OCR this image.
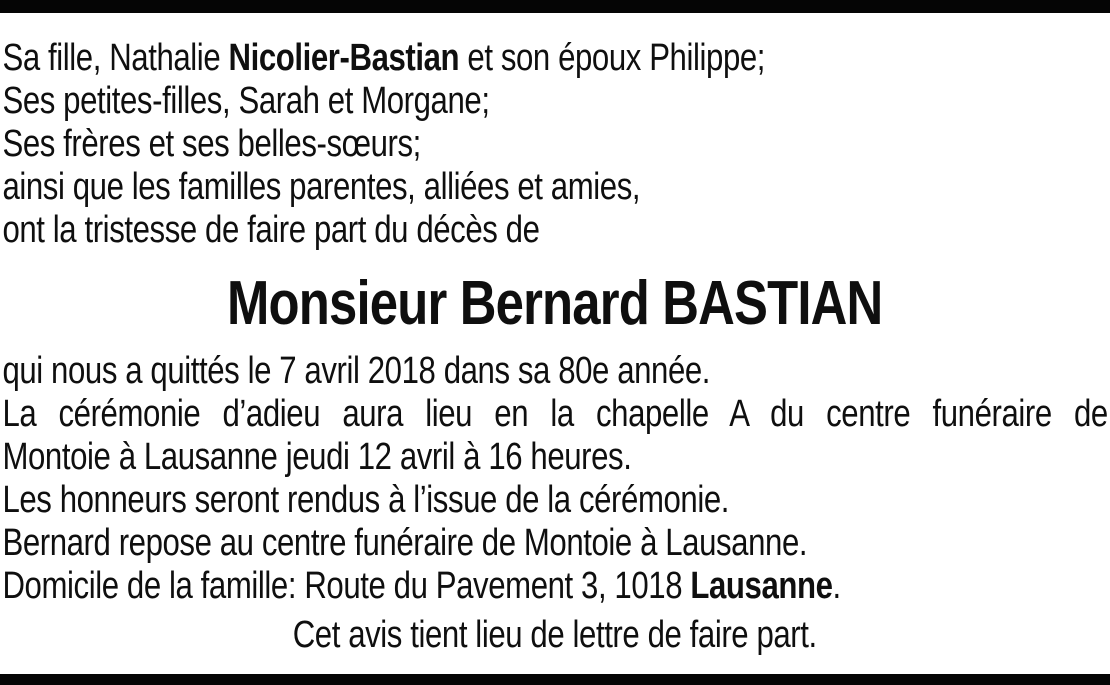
Sa fille, Nathalie Nicolier-Bastian et son époux Philippe;

Ses petites-filles, Sarah et Morgane;

Ses frères et ses belles-sœurs;

ainsi que les familles parentes, alliées et amies,

ont la tristesse de faire part du décès de

Monsieur Bernard BASTIAN

qui nous a quittés le 7 avril 2018 dans sa 80e année.

La cérémonie d’adieu aura lieu en la chapelle A du centre funéraire de

Montoie à Lausanne jeudi 12 avril à 16 heures.

Les honneurs seront rendus à l’issue de la cérémonie.

Bernard repose au centre funéraire de Montoie à Lausanne.

Domicile de la famille: Route du Pavement 3, 1018 Lausanne.

Cet avis tient lieu de lettre de faire part.
